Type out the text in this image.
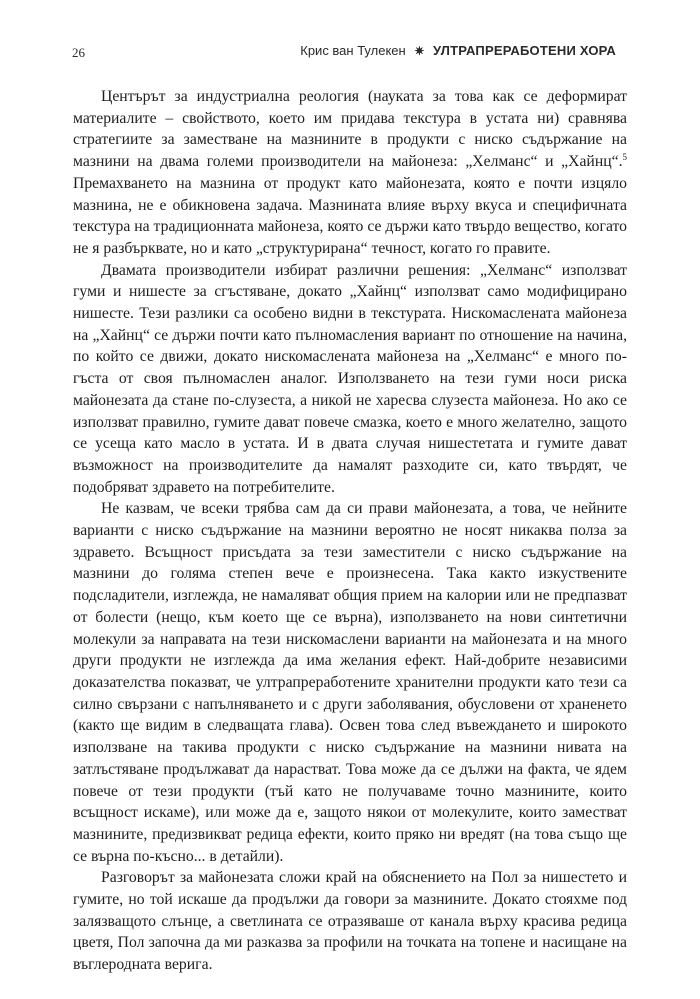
26	Крис ван Тулекен ✷ УЛТРАПРЕРАБОТЕНИ ХОРА

Центърът за индустриална реология (науката за това как се деформират материалите – свойството, което им придава текстура в устата ни) сравнява стратегиите за заместване на мазнините в продукти с ниско съдържание на мазнини на двама големи производители на майонеза: „Хелманс“ и „Хайнц“.$^5$ Премахването на мазнина от продукт като майонезата, която е почти изцяло мазнина, не е обикновена задача. Мазнината влияе върху вкуса и специфичната текстура на традиционната майонеза, която се държи като твърдо вещество, когато не я разбърквате, но и като „структурирана“ течност, когато го правите.

Двамата производители избират различни решения: „Хелманс“ използват гуми и нишесте за сгъстяване, докато „Хайнц“ използват само модифицирано нишесте. Тези разлики са особено видни в текстурата. Нискомаслената майонеза на „Хайнц“ се държи почти като пълномасления вариант по отношение на начина, по който се движи, докато нискомаслената майонеза на „Хелманс“ е много по-гъста от своя пълномаслен аналог. Използването на тези гуми носи риска майонезата да стане по-слузеста, а никой не харесва слузеста майонеза. Но ако се използват правилно, гумите дават повече смазка, което е много желателно, защото се усеща като масло в устата. И в двата случая нишестетата и гумите дават възможност на производителите да намалят разходите си, като твърдят, че подобряват здравето на потребителите.

Не казвам, че всеки трябва сам да си прави майонезата, а това, че нейните варианти с ниско съдържание на мазнини вероятно не носят никаква полза за здравето. Всъщност присъдата за тези заместители с ниско съдържание на мазнини до голяма степен вече е произнесена. Така както изкуствените подсладители, изглежда, не намаляват общия прием на калории или не предпазват от болести (нещо, към което ще се върна), използването на нови синтетични молекули за направата на тези нискомаслени варианти на майонезата и на много други продукти не изглежда да има желания ефект. Най-добрите независими доказателства показват, че ултрапреработените хранителни продукти като тези са силно свързани с напълняването и с други заболявания, обусловени от храненето (както ще видим в следващата глава). Освен това след въвеждането и широкото използване на такива продукти с ниско съдържание на мазнини нивата на затлъстяване продължават да нарастват. Това може да се дължи на факта, че ядем повече от тези продукти (тъй като не получаваме точно мазнините, които всъщност искаме), или може да е, защото някои от молекулите, които заместват мазнините, предизвикват редица ефекти, които пряко ни вредят (на това също ще се върна по-късно... в детайли).

Разговорът за майонезата сложи край на обяснението на Пол за нишестето и гумите, но той искаше да продължи да говори за мазнините. Докато стояхме под залязващото слънце, а светлината се отразяваше от канала върху красива редица цветя, Пол започна да ми разказва за профили на точката на топене и насищане на въглеродната верига.
